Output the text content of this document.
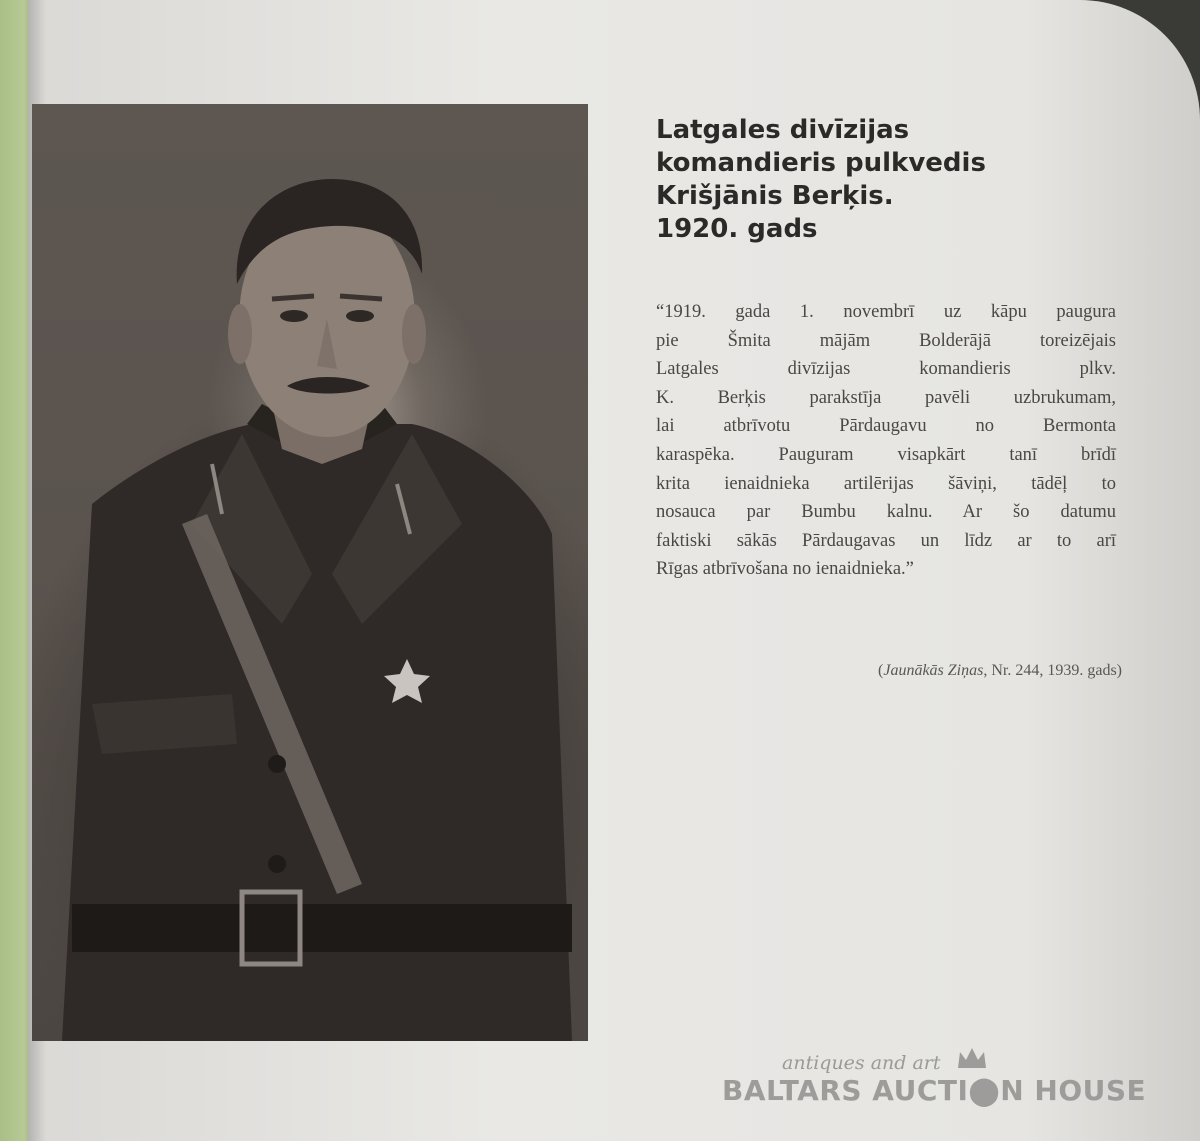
Latgales divīzijas
komandieris pulkvedis
Krišjānis Berķis.
1920. gads
“1919. gada 1. novembrī uz kāpu paugura
pie Šmita mājām Bolderājā toreizējais
Latgales divīzijas komandieris plkv.
K. Berķis parakstīja pavēli uzbrukumam,
lai atbrīvotu Pārdaugavu no Bermonta
karaspēka. Pauguram visapkārt tanī brīdī
krita ienaidnieka artilērijas šāviņi, tādēļ to
nosauca par Bumbu kalnu. Ar šo datumu
faktiski sākās Pārdaugavas un līdz ar to arī
Rīgas atbrīvošana no ienaidnieka.”
(Jaunākās Ziņas, Nr. 244, 1939. gads)
antiques and art
BALTARS AUCTI⬤N HOUSE
